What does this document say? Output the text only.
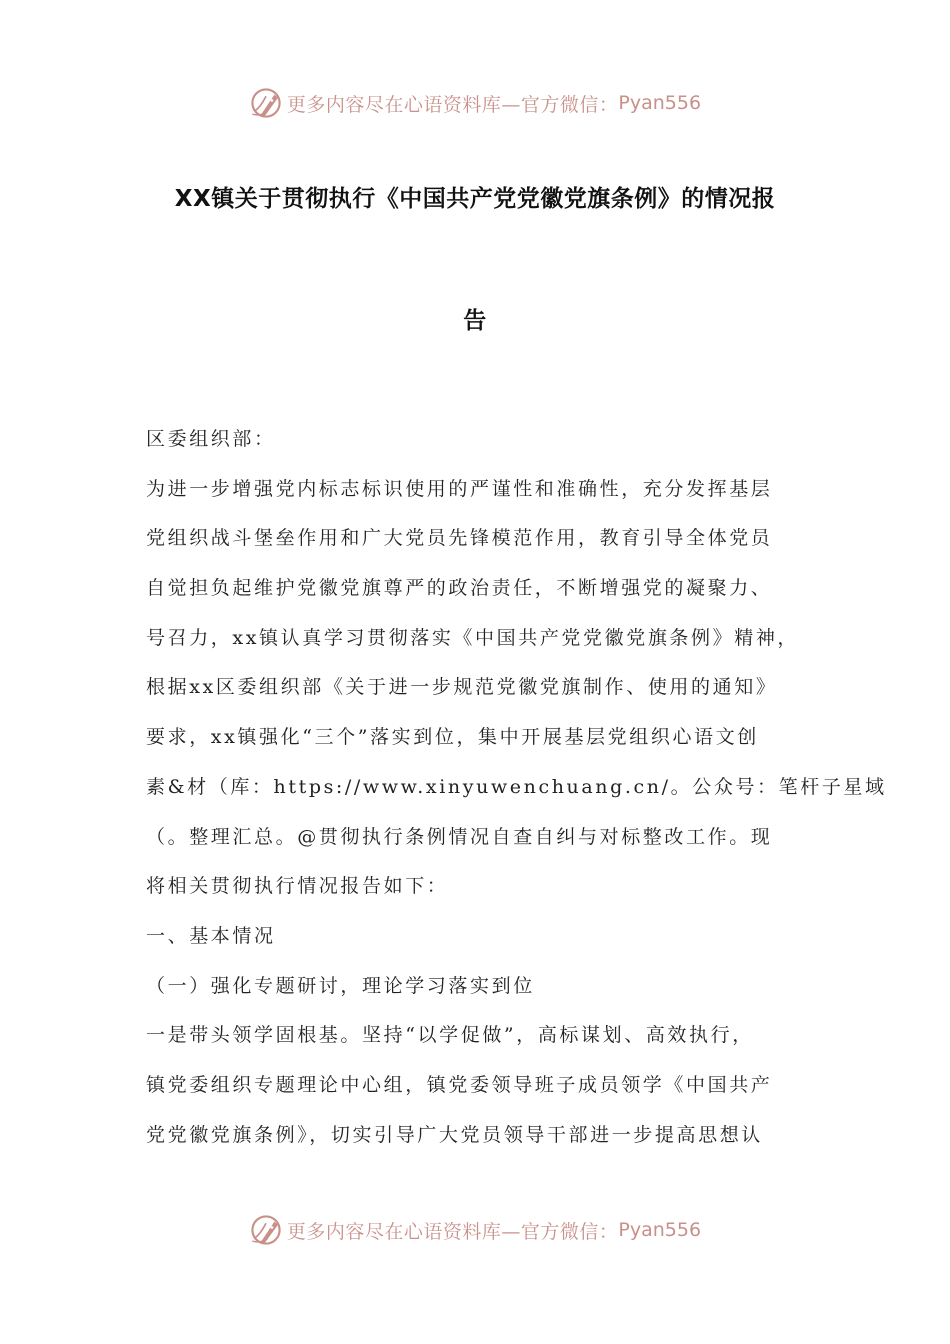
更多内容尽在心语资料库—官方微信： Pyan556
XX镇关于贯彻执行《中国共产党党徽党旗条例》的情况报
告
区委组织部：
为进一步增强党内标志标识使用的严谨性和准确性，充分发挥基层
党组织战斗堡垒作用和广大党员先锋模范作用，教育引导全体党员
自觉担负起维护党徽党旗尊严的政治责任，不断增强党的凝聚力、
号召力，xx镇认真学习贯彻落实《中国共产党党徽党旗条例》精神，
根据xx区委组织部《关于进一步规范党徽党旗制作、使用的通知》
要求，xx镇强化“三个”落实到位，集中开展基层党组织心语文创
素&材（库：https://www.xinyuwenchuang.cn/。公众号：笔杆子星域
（。整理汇总。@贯彻执行条例情况自查自纠与对标整改工作。现
将相关贯彻执行情况报告如下：
一、基本情况
（一）强化专题研讨，理论学习落实到位
一是带头领学固根基。坚持“以学促做”，高标谋划、高效执行，
镇党委组织专题理论中心组，镇党委领导班子成员领学《中国共产
党党徽党旗条例》，切实引导广大党员领导干部进一步提高思想认
更多内容尽在心语资料库—官方微信： Pyan556
